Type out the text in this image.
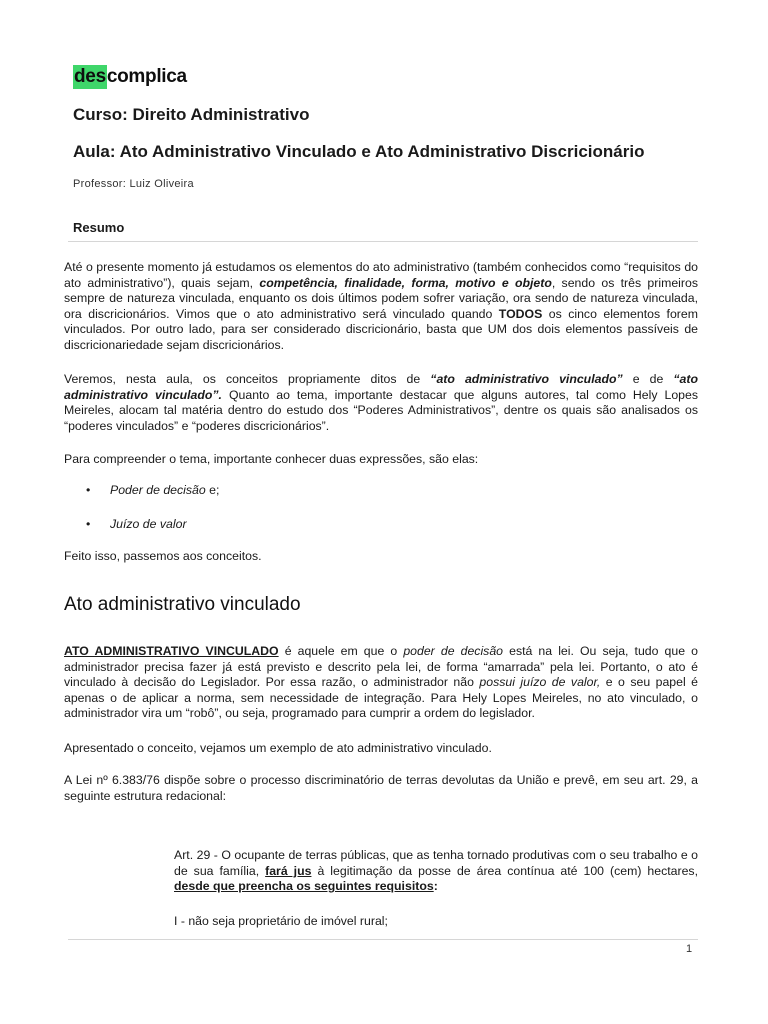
descomplica
Curso: Direito Administrativo
Aula: Ato Administrativo Vinculado e Ato Administrativo Discricionário
Professor: Luiz Oliveira
Resumo
Até o presente momento já estudamos os elementos do ato administrativo (também conhecidos como “requisitos do ato administrativo”), quais sejam, competência, finalidade, forma, motivo e objeto, sendo os três primeiros sempre de natureza vinculada, enquanto os dois últimos podem sofrer variação, ora sendo de natureza vinculada, ora discricionários. Vimos que o ato administrativo será vinculado quando TODOS os cinco elementos forem vinculados. Por outro lado, para ser considerado discricionário, basta que UM dos dois elementos passíveis de discricionariedade sejam discricionários.
Veremos, nesta aula, os conceitos propriamente ditos de “ato administrativo vinculado” e de “ato administrativo vinculado”. Quanto ao tema, importante destacar que alguns autores, tal como Hely Lopes Meireles, alocam tal matéria dentro do estudo dos “Poderes Administrativos”, dentre os quais são analisados os “poderes vinculados” e “poderes discricionários”.
Para compreender o tema, importante conhecer duas expressões, são elas:
• Poder de decisão e;
• Juízo de valor
Feito isso, passemos aos conceitos.
Ato administrativo vinculado
ATO ADMINISTRATIVO VINCULADO é aquele em que o poder de decisão está na lei. Ou seja, tudo que o administrador precisa fazer já está previsto e descrito pela lei, de forma “amarrada” pela lei. Portanto, o ato é vinculado à decisão do Legislador. Por essa razão, o administrador não possui juízo de valor, e o seu papel é apenas o de aplicar a norma, sem necessidade de integração. Para Hely Lopes Meireles, no ato vinculado, o administrador vira um “robô”, ou seja, programado para cumprir a ordem do legislador.
Apresentado o conceito, vejamos um exemplo de ato administrativo vinculado.
A Lei nº 6.383/76 dispõe sobre o processo discriminatório de terras devolutas da União e prevê, em seu art. 29, a seguinte estrutura redacional:
Art. 29 - O ocupante de terras públicas, que as tenha tornado produtivas com o seu trabalho e o de sua família, fará jus à legitimação da posse de área contínua até 100 (cem) hectares, desde que preencha os seguintes requisitos:
I - não seja proprietário de imóvel rural;
1
